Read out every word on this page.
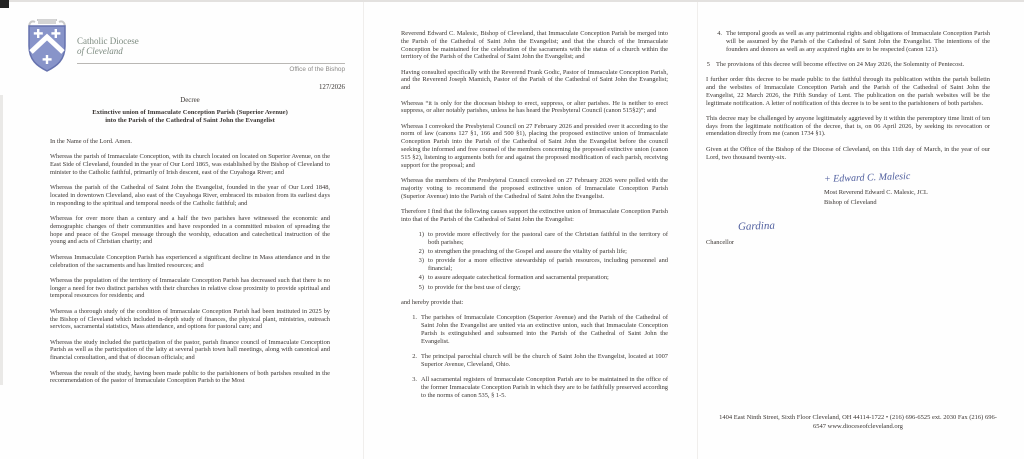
Catholic Diocese
of Cleveland
Office of the Bishop
127/2026
Decree
Extinctive union of Immaculate Conception Parish (Superior Avenue)
into the Parish of the Cathedral of Saint John the Evangelist

In the Name of the Lord. Amen.

Whereas the parish of Immaculate Conception, with its church located on located on Superior Avenue, on the East Side of Cleveland, founded in the year of Our Lord 1865, was established by the Bishop of Cleveland to minister to the Catholic faithful, primarily of Irish descent, east of the Cuyahoga River; and

Whereas the parish of the Cathedral of Saint John the Evangelist, founded in the year of Our Lord 1848, located in downtown Cleveland, also east of the Cuyahoga River, embraced its mission from its earliest days in responding to the spiritual and temporal needs of the Catholic faithful; and

Whereas for over more than a century and a half the two parishes have witnessed the economic and demographic changes of their communities and have responded in a committed mission of spreading the hope and peace of the Gospel message through the worship, education and catechetical instruction of the young and acts of Christian charity; and

Whereas Immaculate Conception Parish has experienced a significant decline in Mass attendance and in the celebration of the sacraments and has limited resources; and

Whereas the population of the territory of Immaculate Conception Parish has decreased such that there is no longer a need for two distinct parishes with their churches in relative close proximity to provide spiritual and temporal resources for residents; and

Whereas a thorough study of the condition of Immaculate Conception Parish had been instituted in 2025 by the Bishop of Cleveland which included in-depth study of finances, the physical plant, ministries, outreach services, sacramental statistics, Mass attendance, and options for pastoral care; and

Whereas the study included the participation of the pastor, parish finance council of Immaculate Conception Parish as well as the participation of the laity at several parish town hall meetings, along with canonical and financial consultation, and that of diocesan officials; and

Whereas the result of the study, having been made public to the parishioners of both parishes resulted in the recommendation of the pastor of Immaculate Conception Parish to the Most

Reverend Edward C. Malesic, Bishop of Cleveland, that Immaculate Conception Parish be merged into the Parish of the Cathedral of Saint John the Evangelist; and that the church of the Immaculate Conception be maintained for the celebration of the sacraments with the status of a church within the territory of the Parish of the Cathedral of Saint John the Evangelist; and

Having consulted specifically with the Reverend Frank Godic, Pastor of Immaculate Conception Parish, and the Reverend Joseph Mamich, Pastor of the Parish of the Cathedral of Saint John the Evangelist; and

Whereas “it is only for the diocesan bishop to erect, suppress, or alter parishes. He is neither to erect suppress, or alter notably parishes, unless he has heard the Presbyteral Council (canon 515§2)”; and

Whereas I convoked the Presbyteral Council on 27 February 2026 and presided over it according to the norm of law (canons 127 §1, 166 and 500 §1), placing the proposed extinctive union of Immaculate Conception Parish into the Parish of the Cathedral of Saint John the Evangelist before the council seeking the informed and free counsel of the members concerning the proposed extinctive union (canon 515 §2), listening to arguments both for and against the proposed modification of each parish, receiving support for the proposal; and

Whereas the members of the Presbyteral Council convoked on 27 February 2026 were polled with the majority voting to recommend the proposed extinctive union of Immaculate Conception Parish (Superior Avenue) into the Parish of the Cathedral of Saint John the Evangelist.

Therefore I find that the following causes support the extinctive union of Immaculate Conception Parish into that of the Parish of the Cathedral of Saint John the Evangelist:

1) to provide more effectively for the pastoral care of the Christian faithful in the territory of both parishes;
2) to strengthen the preaching of the Gospel and assure the vitality of parish life;
3) to provide for a more effective stewardship of parish resources, including personnel and financial;
4) to assure adequate catechetical formation and sacramental preparation;
5) to provide for the best use of clergy;

and hereby provide that:

1. The parishes of Immaculate Conception (Superior Avenue) and the Parish of the Cathedral of Saint John the Evangelist are united via an extinctive union, such that Immaculate Conception Parish is extinguished and subsumed into the Parish of the Cathedral of Saint John the Evangelist.
2. The principal parochial church will be the church of Saint John the Evangelist, located at 1007 Superior Avenue, Cleveland, Ohio.
3. All sacramental registers of Immaculate Conception Parish are to be maintained in the office of the former Immaculate Conception Parish in which they are to be faithfully preserved according to the norms of canon 535, § 1-5.
4. The temporal goods as well as any patrimonial rights and obligations of Immaculate Conception Parish will be assumed by the Parish of the Cathedral of Saint John the Evangelist. The intentions of the founders and donors as well as any acquired rights are to be respected (canon 121).
5 The provisions of this decree will become effective on 24 May 2026, the Solemnity of Pentecost.

I further order this decree to be made public to the faithful through its publication within the parish bulletin and the websites of Immaculate Conception Parish and the Parish of the Cathedral of Saint John the Evangelist, 22 March 2026, the Fifth Sunday of Lent. The publication on the parish websites will be the legitimate notification. A letter of notification of this decree is to be sent to the parishioners of both parishes.

This decree may be challenged by anyone legitimately aggrieved by it within the peremptory time limit of ten days from the legitimate notification of the decree, that is, on 06 April 2026, by seeking its revocation or emendation directly from me (canon 1734 §1).

Given at the Office of the Bishop of the Diocese of Cleveland, on this 11th day of March, in the year of our Lord, two thousand twenty-six.

+ Edward C. Malesic
Most Reverend Edward C. Malesic, JCL
Bishop of Cleveland
Gardina
Chancellor
1404 East Ninth Street, Sixth Floor Cleveland, OH 44114-1722 • (216) 696-6525 ext. 2030 Fax (216) 696-
6547 www.dioceseofcleveland.org
